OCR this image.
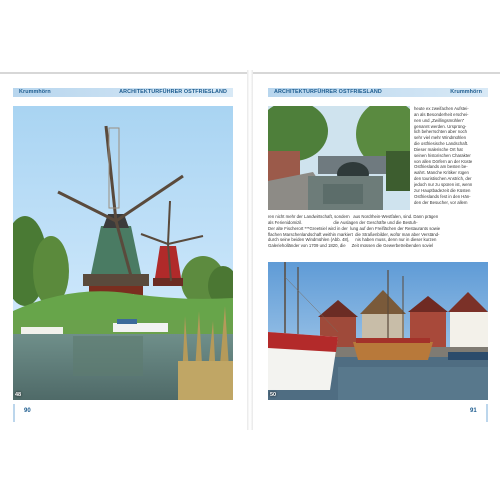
Krummhörn	ARCHITEKTURFÜHRER OSTFRIESLAND
48
90
ARCHITEKTURFÜHRER OSTFRIESLAND	Krummhörn
heute ex zweifachen Aufstei-
an als Besonderheit erschei-
nen und „Zwillingsmühlen“
genannt werden. Ursprüng-
lich beherrschten aber noch
sehr viel mehr Windmühlen
die ostfriesische Landschaft.
Dieser malerische Ort hat
seinen historischen Charakter
von allen Dörfern an der Küste
Ostfrieslands am besten be-
wahrt. Manche Kritiker rügen
den touristischen Anstrich, der
jedoch nur zu spüren ist, wenn
zur Hauptbadezeit die Küsten
Ostfrieslands fest in den Hän-
den der Besucher, vor allem
ren nicht mehr der Landwirtschaft, sondern   aus Nordrhein-Westfalen, sind. Dann prägen
als Ferienidomizil.                          die Auslagen der Geschäfte und die Bestuh-
Der alte Fischerort ***Greetsiel wird in der  lung auf den Freiflächen der Restaurants sowie
flachen Marschenlandschaft weithin markiert  die Straßenbilder, wofür man aber Verständ-
durch seine beiden Windmühlen (Abb. 48),     nis haben muss, denn nur in dieser kurzen
Galerieholländer von 1709 und 1820, die     Zeit müssen die Gewerbetreibenden soviel
50
91
